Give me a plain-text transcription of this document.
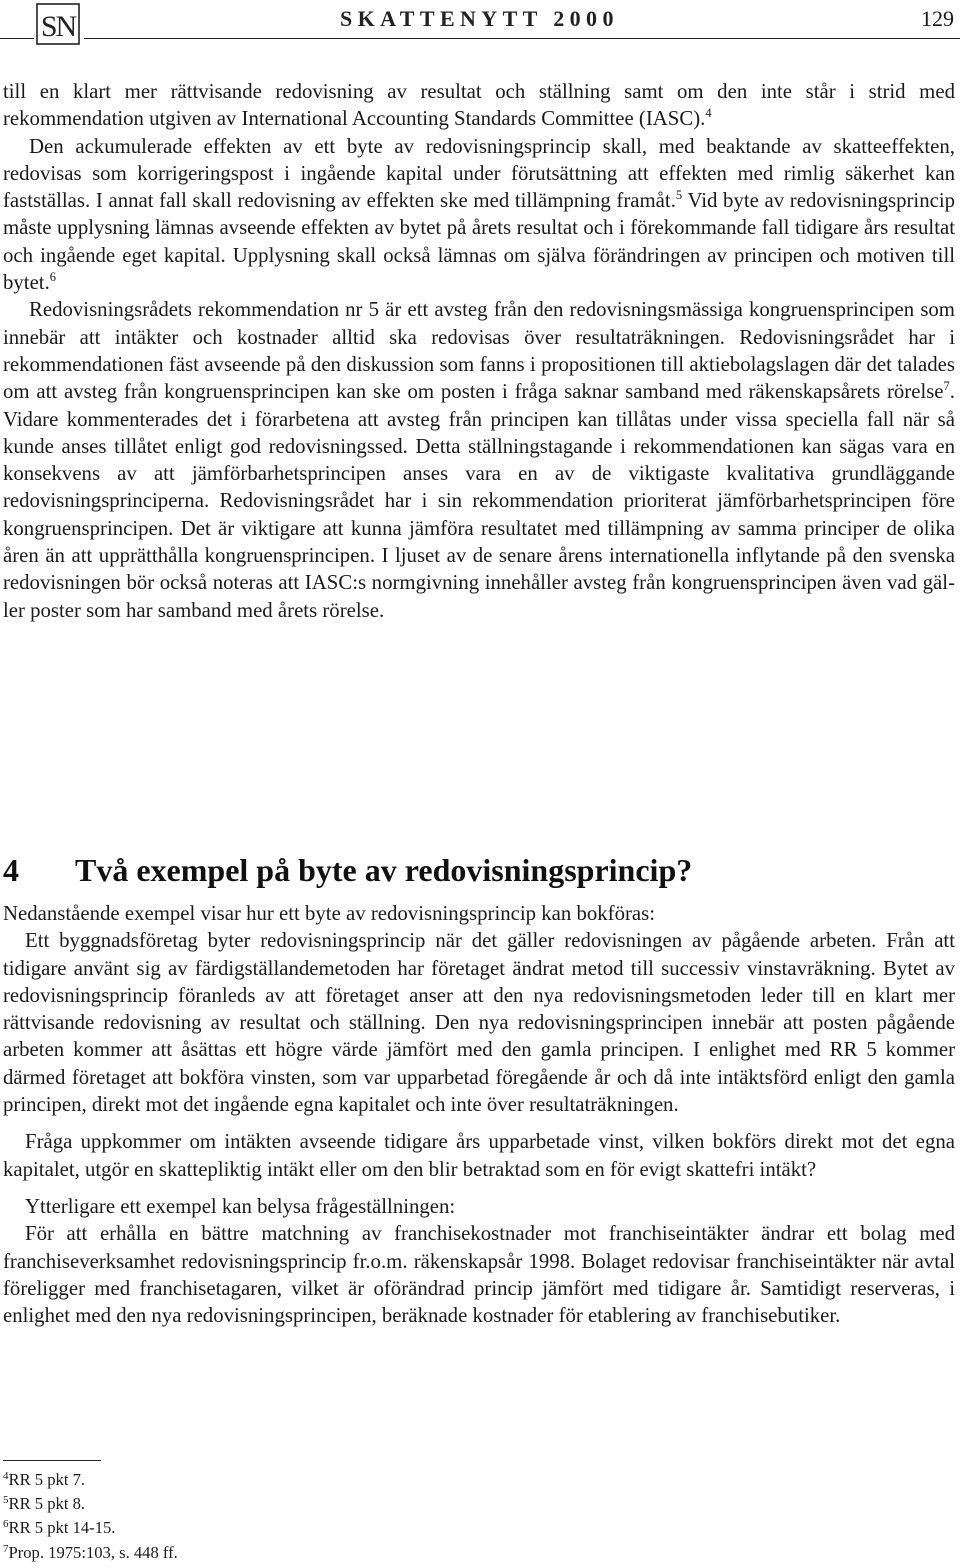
SN	SKATTENYTT 2000	129

till en klart mer rättvisande redovisning av resultat och ställning samt om den inte står i strid med rekommendation utgiven av International Accounting Standards Committee (IASC).$^4$

Den ackumulerade effekten av ett byte av redovisningsprincip skall, med beaktande av skatteeffekten, redovisas som korrigeringspost i ingående kapital under förutsättning att effekten med rimlig säkerhet kan fastställas. I annat fall skall redovisning av effekten ske med tillämpning framåt.$^5$ Vid byte av redovisningsprincip måste upplysning lämnas avseende effekten av bytet på årets resultat och i förekommande fall tidigare års resultat och ingående eget kapital. Upplysning skall också lämnas om själva förändringen av principen och motiven till bytet.$^6$

Redovisningsrådets rekommendation nr 5 är ett avsteg från den redovisningsmässiga kongruensprincipen som innebär att intäkter och kostnader alltid ska redovisas över resultaträkningen. Redovisningsrådet har i rekommendationen fäst avseende på den diskussion som fanns i propositionen till aktiebolagslagen där det talades om att avsteg från kongruensprincipen kan ske om posten i fråga saknar samband med räkenskapsårets rörelse$^7$. Vidare kommenterades det i förarbetena att avsteg från principen kan tillåtas under vissa speciella fall när så kunde anses tillåtet enligt god redovisningssed. Detta ställningstagande i rekommendationen kan sägas vara en konsekvens av att jämförbarhetsprincipen anses vara en av de viktigaste kvalitativa grundläggande redovisningsprinciperna. Redovisningsrådet har i sin rekommendation prioriterat jämförbarhetsprincipen före kongruensprincipen. Det är viktigare att kunna jämföra resultatet med tillämpning av samma principer de olika åren än att upprätthålla kongruensprincipen. I ljuset av de senare årens internationella inflytande på den svenska redovisningen bör också noteras att IASC:s normgivning innehåller avsteg från kongruensprincipen även vad gäller poster som har samband med årets rörelse.

4 Två exempel på byte av redovisningsprincip?

Nedanstående exempel visar hur ett byte av redovisningsprincip kan bokföras:

Ett byggnadsföretag byter redovisningsprincip när det gäller redovisningen av pågående arbeten. Från att tidigare använt sig av färdigställandemetoden har företaget ändrat metod till successiv vinstavräkning. Bytet av redovisningsprincip föranleds av att företaget anser att den nya redovisningsmetoden leder till en klart mer rättvisande redovisning av resultat och ställning. Den nya redovisningsprincipen innebär att posten pågående arbeten kommer att åsättas ett högre värde jämfört med den gamla principen. I enlighet med RR 5 kommer därmed företaget att bokföra vinsten, som var upparbetad föregående år och då inte intäktsförd enligt den gamla principen, direkt mot det ingående egna kapitalet och inte över resultaträkningen.

Fråga uppkommer om intäkten avseende tidigare års upparbetade vinst, vilken bokförs direkt mot det egna kapitalet, utgör en skattepliktig intäkt eller om den blir betraktad som en för evigt skattefri intäkt?

Ytterligare ett exempel kan belysa frågeställningen:

För att erhålla en bättre matchning av franchisekostnader mot franchiseintäkter ändrar ett bolag med franchiseverksamhet redovisningsprincip fr.o.m. räkenskapsår 1998. Bolaget redovisar franchiseintäkter när avtal föreligger med franchisetagaren, vilket är oförändrad princip jämfört med tidigare år. Samtidigt reserveras, i enlighet med den nya redovisningsprincipen, beräknade kostnader för etablering av franchisebutiker.

$^4$RR 5 pkt 7.
$^5$RR 5 pkt 8.
$^6$RR 5 pkt 14-15.
$^7$Prop. 1975:103, s. 448 ff.
